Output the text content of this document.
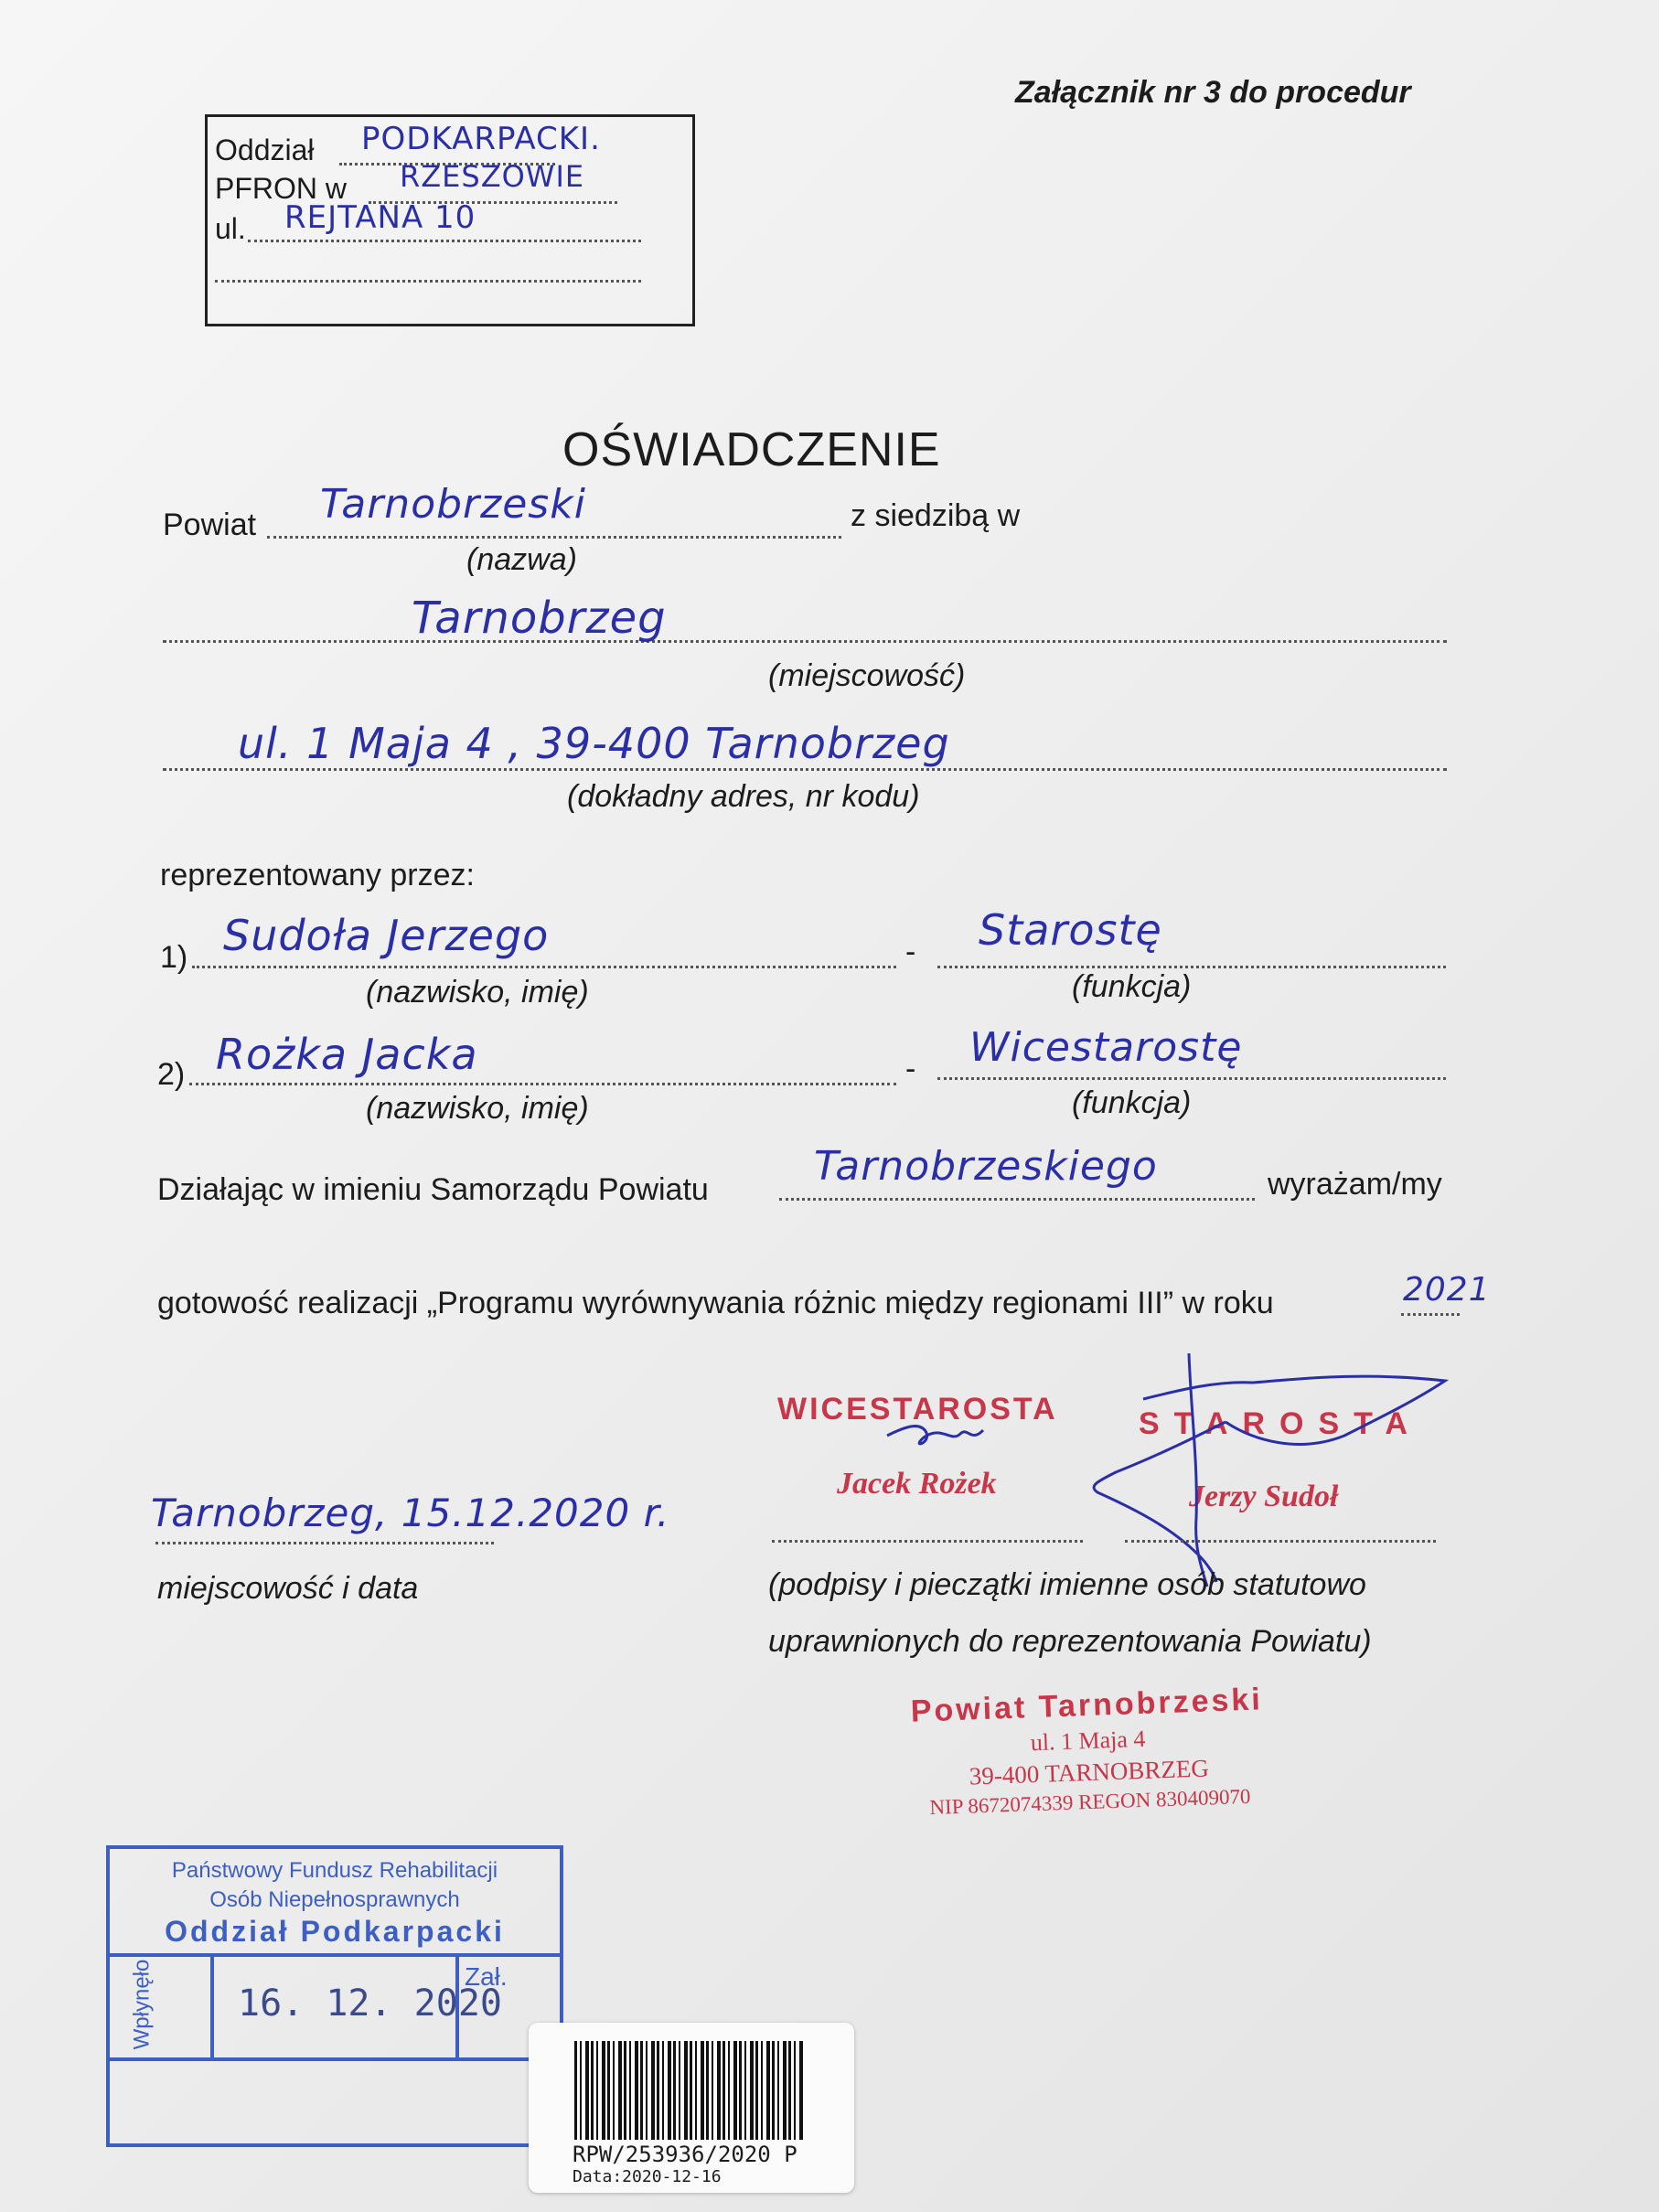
Załącznik nr 3 do procedur
Oddział PODKARPACKI.
PFRON w RZESZOWIE
ul. REJTANA 10
OŚWIADCZENIE
Powiat Tarnobrzeski	z siedzibą w
(nazwa)
Tarnobrzeg
(miejscowość)
ul. 1 Maja 4 , 39-400 Tarnobrzeg
(dokładny adres, nr kodu)
reprezentowany przez:
1) Sudoła Jerzego	- Starostę
(nazwisko, imię)	(funkcja)
2) Rożka Jacka	- Wicestarostę
(nazwisko, imię)	(funkcja)
Działając w imieniu Samorządu Powiatu	Tarnobrzeskiego	wyrażam/my
gotowość realizacji „Programu wyrównywania różnic między regionami III” w roku	2021
WICESTAROSTA
Jacek Rożek
STAROSTA
Jerzy Sudoł
Tarnobrzeg, 15.12.2020 r.
miejscowość i data	(podpisy i pieczątki imienne osób statutowo
uprawnionych do reprezentowania Powiatu)
Powiat Tarnobrzeski
ul. 1 Maja 4
39-400 TARNOBRZEG
NIP 8672074339 REGON 830409070
Państwowy Fundusz Rehabilitacji
Osób Niepełnosprawnych
Oddział Podkarpacki
Wpłynęło 16. 12. 2020
Zał.
RPW/253936/2020 P
Data:2020-12-16
